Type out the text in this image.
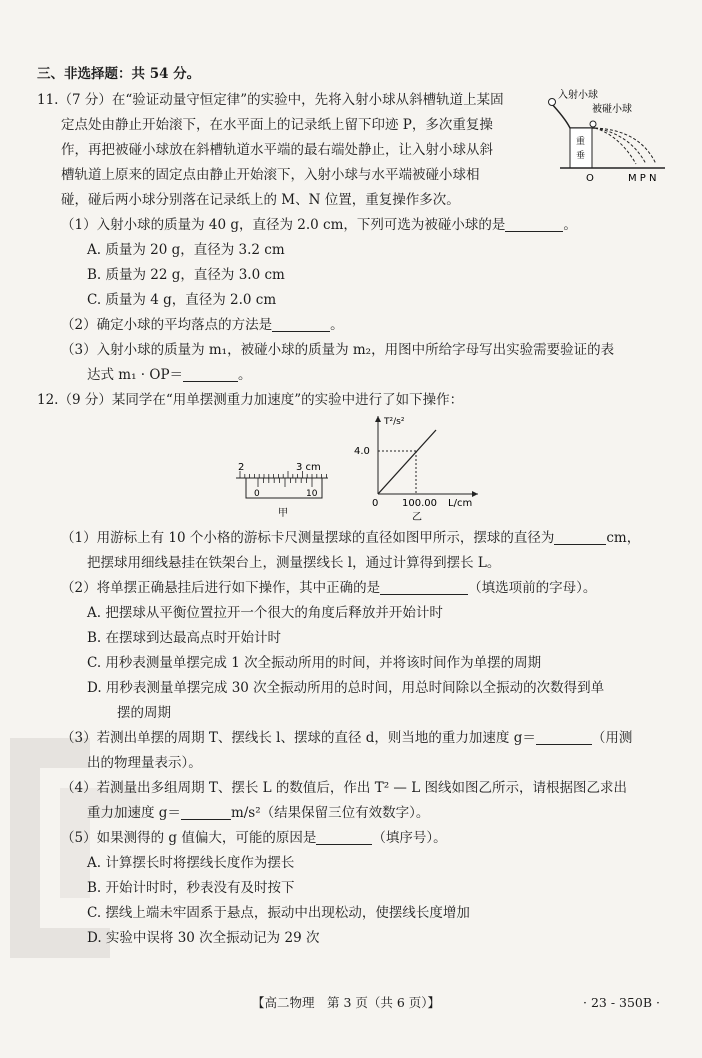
三、非选择题：共 54 分。
11.（7 分）在“验证动量守恒定律”的实验中，先将入射小球从斜槽轨道上某固
定点处由静止开始滚下，在水平面上的记录纸上留下印迹 P，多次重复操
作，再把被碰小球放在斜槽轨道水平端的最右端处静止，让入射小球从斜
槽轨道上原来的固定点由静止开始滚下，入射小球与水平端被碰小球相
碰，碰后两小球分别落在记录纸上的 M、N 位置，重复操作多次。
入射小球
被碰小球
重
垂
O	M P N
（1）入射小球的质量为 40 g，直径为 2.0 cm，下列可选为被碰小球的是	。
A. 质量为 20 g，直径为 3.2 cm
B. 质量为 22 g，直径为 3.0 cm
C. 质量为 4 g，直径为 2.0 cm
（2）确定小球的平均落点的方法是	。
（3）入射小球的质量为 m₁，被碰小球的质量为 m₂，用图中所给字母写出实验需要验证的表
达式 m₁ · OP＝	。
12.（9 分）某同学在“用单摆测重力加速度”的实验中进行了如下操作：
2	3 cm
0	10
甲
T²/s²
4.0
0 100.00 L/cm
乙
（1）用游标上有 10 个小格的游标卡尺测量摆球的直径如图甲所示，摆球的直径为	cm，
把摆球用细线悬挂在铁架台上，测量摆线长 l，通过计算得到摆长 L。
（2）将单摆正确悬挂后进行如下操作，其中正确的是	（填选项前的字母）。
A. 把摆球从平衡位置拉开一个很大的角度后释放并开始计时
B. 在摆球到达最高点时开始计时
C. 用秒表测量单摆完成 1 次全振动所用的时间，并将该时间作为单摆的周期
D. 用秒表测量单摆完成 30 次全振动所用的总时间，用总时间除以全振动的次数得到单
摆的周期
（3）若测出单摆的周期 T、摆线长 l、摆球的直径 d，则当地的重力加速度 g＝	（用测
出的物理量表示）。
（4）若测量出多组周期 T、摆长 L 的数值后，作出 T² — L 图线如图乙所示，请根据图乙求出
重力加速度 g＝	m/s²（结果保留三位有效数字）。
（5）如果测得的 g 值偏大，可能的原因是	（填序号）。
A. 计算摆长时将摆线长度作为摆长
B. 开始计时时，秒表没有及时按下
C. 摆线上端未牢固系于悬点，振动中出现松动，使摆线长度增加
D. 实验中误将 30 次全振动记为 29 次
【高二物理　第 3 页（共 6 页）】	· 23 - 350B ·
